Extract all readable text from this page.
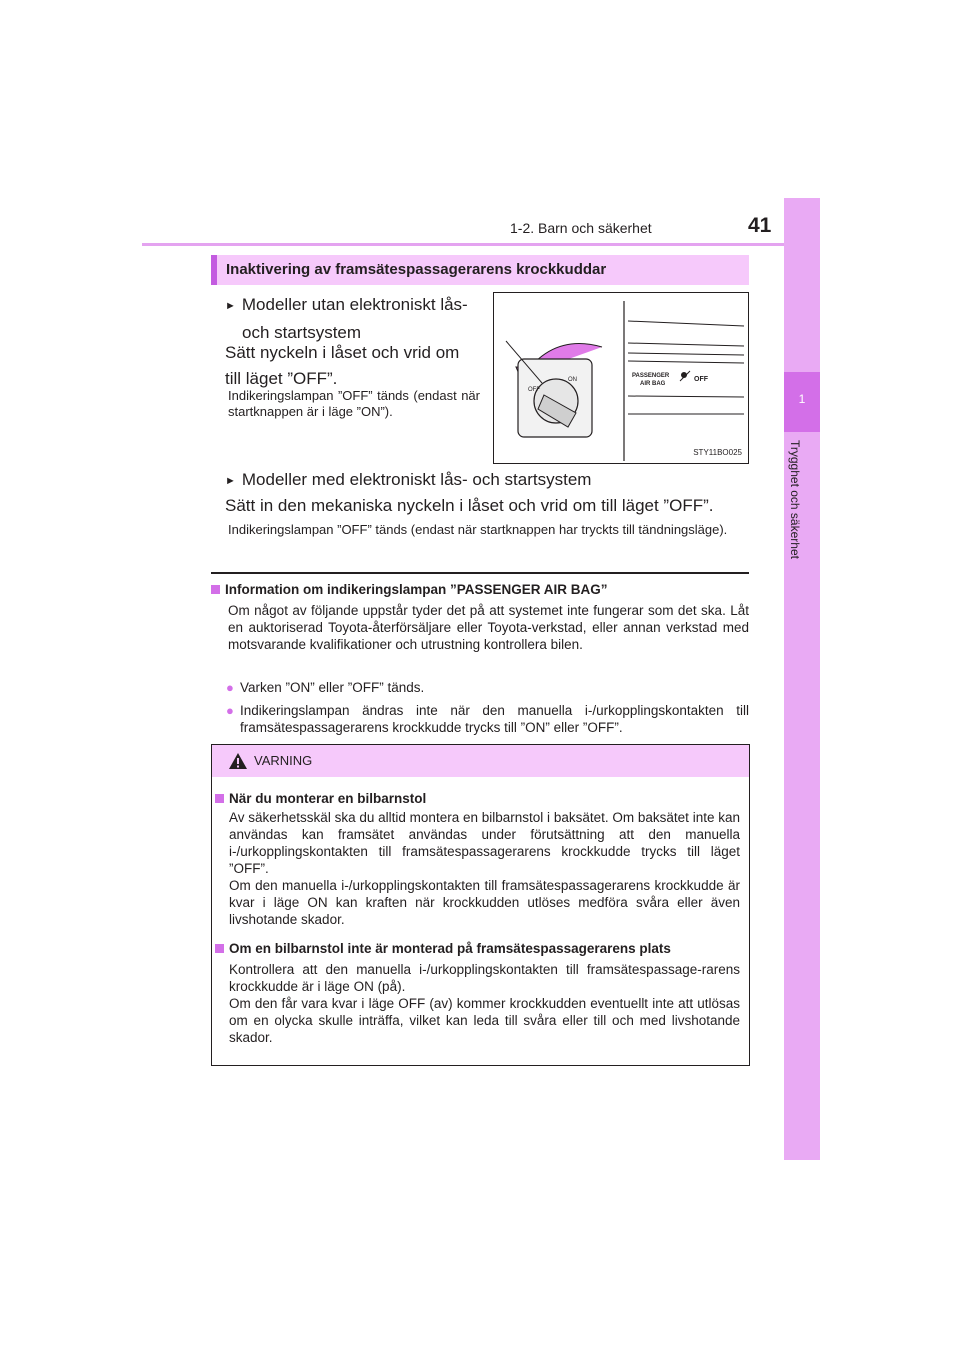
1-2. Barn och säkerhet	41
1
Trygghet och säkerhet
Inaktivering av framsätespassagerarens krockkuddar
► Modeller utan elektroniskt lås-
och startsystem
Sätt nyckeln i låset och vrid om till läget ”OFF”.
Indikeringslampan ”OFF” tänds (endast när startknappen är i läge ”ON”).
PASSENGER
AIR BAG
OFF
ON
OFF
STY11BO025
► Modeller med elektroniskt lås- och startsystem
Sätt in den mekaniska nyckeln i låset och vrid om till läget ”OFF”.
Indikeringslampan ”OFF” tänds (endast när startknappen har tryckts till tändningsläge).
Information om indikeringslampan ”PASSENGER AIR BAG”
Om något av följande uppstår tyder det på att systemet inte fungerar som det ska. Låt en auktoriserad Toyota-återförsäljare eller Toyota-verkstad, eller annan verkstad med motsvarande kvalifikationer och utrustning kontrollera bilen.
● Varken ”ON” eller ”OFF” tänds.
● Indikeringslampan ändras inte när den manuella i-/urkopplingskontakten till framsätespassagerarens krockkudde trycks till ”ON” eller ”OFF”.
VARNING
När du monterar en bilbarnstol
Av säkerhetsskäl ska du alltid montera en bilbarnstol i baksätet. Om baksätet inte kan användas kan framsätet användas under förutsättning att den manuella i-/urkopplingskontakten till framsätespassagerarens krockkudde trycks till läget ”OFF”.
Om den manuella i-/urkopplingskontakten till framsätespassagerarens krockkudde är kvar i läge ON kan kraften när krockkudden utlöses medföra svåra eller även livshotande skador.
Om en bilbarnstol inte är monterad på framsätespassagerarens plats
Kontrollera att den manuella i-/urkopplingskontakten till framsätespassage-rarens krockkudde är i läge ON (på).
Om den får vara kvar i läge OFF (av) kommer krockkudden eventuellt inte att utlösas om en olycka skulle inträffa, vilket kan leda till svåra eller till och med livshotande skador.
